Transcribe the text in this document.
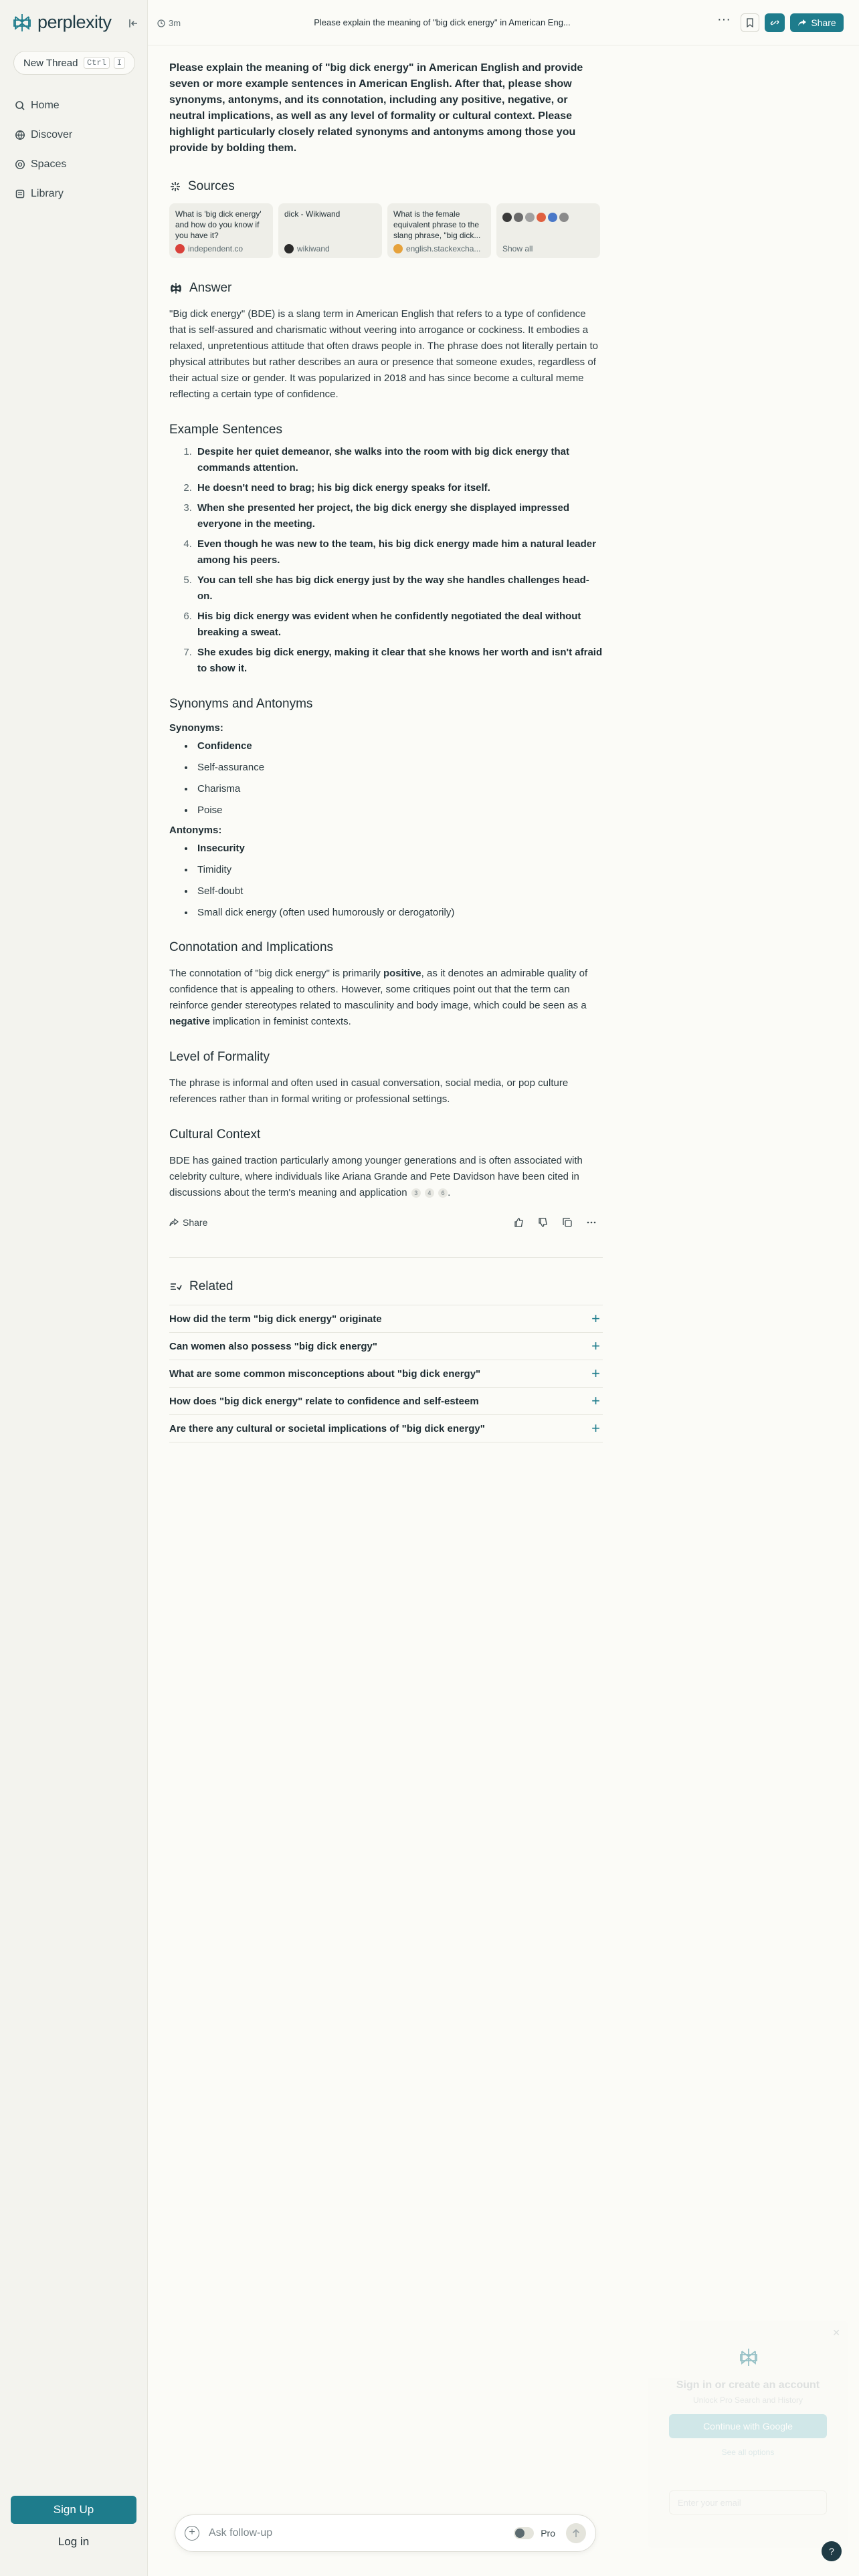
perplexity
New Thread	Ctrl	I
Home
Discover
Spaces
Library
Sign Up
Log in
3m	Please explain the meaning of "big dick energy" in American Eng...	···	Share
Please explain the meaning of "big dick energy" in American English and provide seven or more example sentences in American English. After that, please show synonyms, antonyms, and its connotation, including any positive, negative, or neutral implications, as well as any level of formality or cultural context. Please highlight particularly closely related synonyms and antonyms among those you provide by bolding them.
Sources
What is 'big dick energy' and how do you know if you have it?
independent.co
dick - Wikiwand
wikiwand
What is the female equivalent phrase to the slang phrase, "big dick...
english.stackexcha...	Show all
Answer
"Big dick energy" (BDE) is a slang term in American English that refers to a type of confidence that is self-assured and charismatic without veering into arrogance or cockiness. It embodies a relaxed, unpretentious attitude that often draws people in. The phrase does not literally pertain to physical attributes but rather describes an aura or presence that someone exudes, regardless of their actual size or gender. It was popularized in 2018 and has since become a cultural meme reflecting a certain type of confidence.
Example Sentences
1. Despite her quiet demeanor, she walks into the room with big dick energy that commands attention.
2. He doesn't need to brag; his big dick energy speaks for itself.
3. When she presented her project, the big dick energy she displayed impressed everyone in the meeting.
4. Even though he was new to the team, his big dick energy made him a natural leader among his peers.
5. You can tell she has big dick energy just by the way she handles challenges head-on.
6. His big dick energy was evident when he confidently negotiated the deal without breaking a sweat.
7. She exudes big dick energy, making it clear that she knows her worth and isn't afraid to show it.
Synonyms and Antonyms
Synonyms:
• Confidence
• Self-assurance
• Charisma
• Poise
Antonyms:
• Insecurity
• Timidity
• Self-doubt
• Small dick energy (often used humorously or derogatorily)
Connotation and Implications
The connotation of "big dick energy" is primarily positive, as it denotes an admirable quality of confidence that is appealing to others. However, some critiques point out that the term can reinforce gender stereotypes related to masculinity and body image, which could be seen as a negative implication in feminist contexts.
Level of Formality
The phrase is informal and often used in casual conversation, social media, or pop culture references rather than in formal writing or professional settings.
Cultural Context
BDE has gained traction particularly among younger generations and is often associated with celebrity culture, where individuals like Ariana Grande and Pete Davidson have been cited in discussions about the term's meaning and application 3 4 6 .
Share
Related
How did the term "big dick energy" originate	+
Can women also possess "big dick energy"	+
What are some common misconceptions about "big dick energy"	+
How does "big dick energy" relate to confidence and self-esteem	+
Are there any cultural or societal implications of "big dick energy"	+
+	Ask follow-up	Pro
✕
Sign in or create an account
Unlock Pro Search and History
Continue with Google
See all options
Enter your email
?
